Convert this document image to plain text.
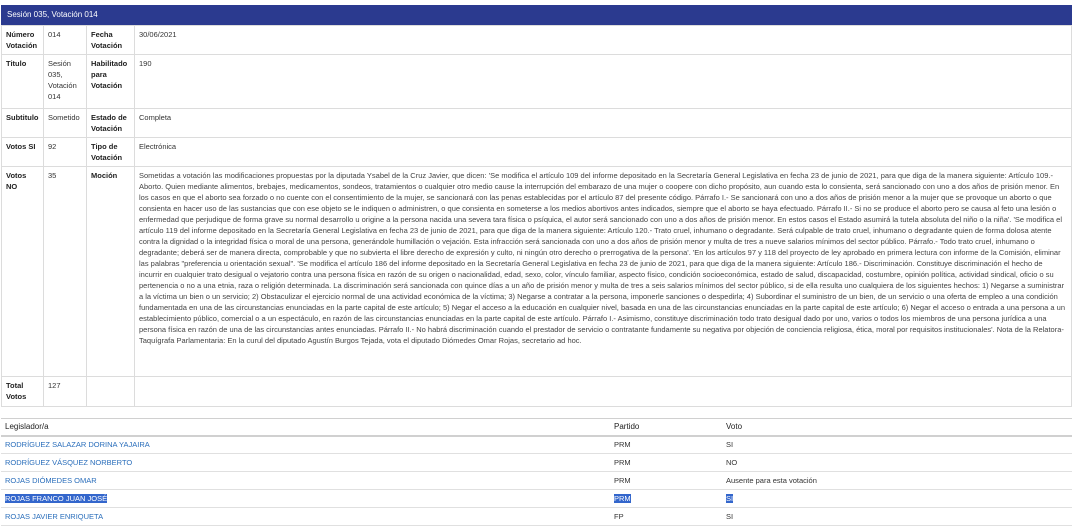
Sesión 035, Votación 014
Número Votación	014	Fecha Votación	30/06/2021
Titulo	Sesión 035, Votación 014	Habilitado para Votación	190
Subtitulo	Sometido	Estado de Votación	Completa
Votos SI	92	Tipo de Votación	Electrónica
Votos NO	35	Moción	Sometidas a votación las modificaciones propuestas por la diputada Ysabel de la Cruz Javier, que dicen: 'Se modifica el artículo 109 del informe depositado en la Secretaría General Legislativa en fecha 23 de junio de 2021, para que diga de la manera siguiente: Artículo 109.- Aborto. Quien mediante alimentos, brebajes, medicamentos, sondeos, tratamientos o cualquier otro medio cause la interrupción del embarazo de una mujer o coopere con dicho propósito, aun cuando esta lo consienta, será sancionado con uno a dos años de prisión menor. En los casos en que el aborto sea forzado o no cuente con el consentimiento de la mujer, se sancionará con las penas establecidas por el artículo 87 del presente código. Párrafo I.- Se sancionará con uno a dos años de prisión menor a la mujer que se provoque un aborto o que consienta en hacer uso de las sustancias que con ese objeto se le indiquen o administren, o que consienta en someterse a los medios abortivos antes indicados, siempre que el aborto se haya efectuado. Párrafo II.- Si no se produce el aborto pero se causa al feto una lesión o enfermedad que perjudique de forma grave su normal desarrollo u origine a la persona nacida una severa tara física o psíquica, el autor será sancionado con uno a dos años de prisión menor. En estos casos el Estado asumirá la tutela absoluta del niño o la niña'. 'Se modifica el artículo 119 del informe depositado en la Secretaría General Legislativa en fecha 23 de junio de 2021, para que diga de la manera siguiente: Artículo 120.- Trato cruel, inhumano o degradante. Será culpable de trato cruel, inhumano o degradante quien de forma dolosa atente contra la dignidad o la integridad física o moral de una persona, generándole humillación o vejación. Esta infracción será sancionada con uno a dos años de prisión menor y multa de tres a nueve salarios mínimos del sector público. Párrafo.- Todo trato cruel, inhumano o degradante; deberá ser de manera directa, comprobable y que no subvierta el libre derecho de expresión y culto, ni ningún otro derecho o prerrogativa de la persona'. 'En los artículos 97 y 118 del proyecto de ley aprobado en primera lectura con informe de la Comisión, eliminar las palabras "preferencia u orientación sexual". 'Se modifica el artículo 186 del informe depositado en la Secretaría General Legislativa en fecha 23 de junio de 2021, para que diga de la manera siguiente: Artículo 186.- Discriminación. Constituye discriminación el hecho de incurrir en cualquier trato desigual o vejatorio contra una persona física en razón de su origen o nacionalidad, edad, sexo, color, vínculo familiar, aspecto físico, condición socioeconómica, estado de salud, discapacidad, costumbre, opinión política, actividad sindical, oficio o su pertenencia o no a una etnia, raza o religión determinada. La discriminación será sancionada con quince días a un año de prisión menor y multa de tres a seis salarios mínimos del sector público, si de ella resulta uno cualquiera de los siguientes hechos: 1) Negarse a suministrar a la víctima un bien o un servicio; 2) Obstaculizar el ejercicio normal de una actividad económica de la víctima; 3) Negarse a contratar a la persona, imponerle sanciones o despedirla; 4) Subordinar el suministro de un bien, de un servicio o una oferta de empleo a una condición fundamentada en una de las circunstancias enunciadas en la parte capital de este artículo; 5) Negar el acceso a la educación en cualquier nivel, basada en una de las circunstancias enunciadas en la parte capital de este artículo; 6) Negar el acceso o entrada a una persona a un establecimiento público, comercial o a un espectáculo, en razón de las circunstancias enunciadas en la parte capital de este artículo. Párrafo I.- Asimismo, constituye discriminación todo trato desigual dado por uno, varios o todos los miembros de una persona jurídica a una persona física en razón de una de las circunstancias antes enunciadas. Párrafo II.- No habrá discriminación cuando el prestador de servicio o contratante fundamente su negativa por objeción de conciencia religiosa, ética, moral por requisitos institucionales'. Nota de la Relatora-Taquígrafa Parlamentaria: En la curul del diputado Agustín Burgos Tejada, vota el diputado Diómedes Omar Rojas, secretario ad hoc.
Total Votos	127		
Legislador/a	Partido	Voto
RODRÍGUEZ SALAZAR DORINA YAJAIRA	PRM	SI
RODRÍGUEZ VÁSQUEZ NORBERTO	PRM	NO
ROJAS DIÓMEDES OMAR	PRM	Ausente para esta votación
ROJAS FRANCO JUAN JOSÉ	PRM	SI
ROJAS JAVIER ENRIQUETA	FP	SI
